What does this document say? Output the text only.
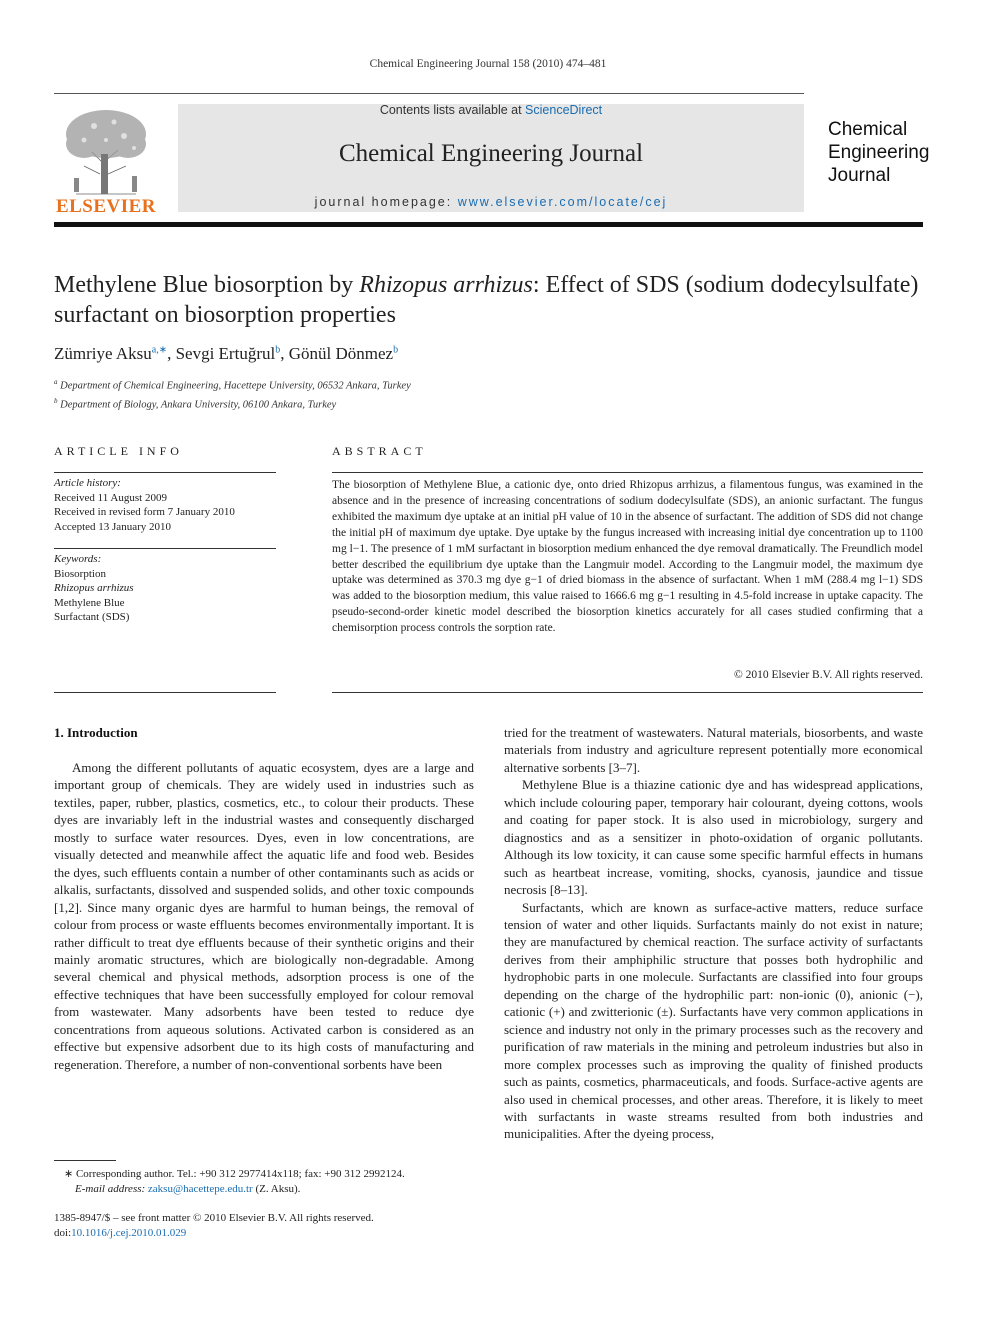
Chemical Engineering Journal 158 (2010) 474–481
ELSEVIER
Contents lists available at ScienceDirect
Chemical Engineering Journal
journal homepage: www.elsevier.com/locate/cej
Chemical
Engineering
Journal
Methylene Blue biosorption by Rhizopus arrhizus: Effect of SDS (sodium dodecylsulfate) surfactant on biosorption properties
Zümriye Aksu$^{a,∗}$, Sevgi Ertuğrul$^b$, Gönül Dönmez$^b$
$^a$ Department of Chemical Engineering, Hacettepe University, 06532 Ankara, Turkey
$^b$ Department of Biology, Ankara University, 06100 Ankara, Turkey
ARTICLE INFO
Article history:
Received 11 August 2009
Received in revised form 7 January 2010
Accepted 13 January 2010
Keywords:
Biosorption
Rhizopus arrhizus
Methylene Blue
Surfactant (SDS)
ABSTRACT
The biosorption of Methylene Blue, a cationic dye, onto dried Rhizopus arrhizus, a filamentous fungus, was examined in the absence and in the presence of increasing concentrations of sodium dodecylsulfate (SDS), an anionic surfactant. The fungus exhibited the maximum dye uptake at an initial pH value of 10 in the absence of surfactant. The addition of SDS did not change the initial pH of maximum dye uptake. Dye uptake by the fungus increased with increasing initial dye concentration up to 1100 mg l−1. The presence of 1 mM surfactant in biosorption medium enhanced the dye removal dramatically. The Freundlich model better described the equilibrium dye uptake than the Langmuir model. According to the Langmuir model, the maximum dye uptake was determined as 370.3 mg dye g−1 of dried biomass in the absence of surfactant. When 1 mM (288.4 mg l−1) SDS was added to the biosorption medium, this value raised to 1666.6 mg g−1 resulting in 4.5-fold increase in uptake capacity. The pseudo-second-order kinetic model described the biosorption kinetics accurately for all cases studied confirming that a chemisorption process controls the sorption rate.
© 2010 Elsevier B.V. All rights reserved.
1. Introduction

Among the different pollutants of aquatic ecosystem, dyes are a large and important group of chemicals. They are widely used in industries such as textiles, paper, rubber, plastics, cosmetics, etc., to colour their products. These dyes are invariably left in the industrial wastes and consequently discharged mostly to surface water resources. Dyes, even in low concentrations, are visually detected and meanwhile affect the aquatic life and food web. Besides the dyes, such effluents contain a number of other contaminants such as acids or alkalis, surfactants, dissolved and suspended solids, and other toxic compounds [1,2]. Since many organic dyes are harmful to human beings, the removal of colour from process or waste effluents becomes environmentally important. It is rather difficult to treat dye effluents because of their synthetic origins and their mainly aromatic structures, which are biologically non-degradable. Among several chemical and physical methods, adsorption process is one of the effective techniques that have been successfully employed for colour removal from wastewater. Many adsorbents have been tested to reduce dye concentrations from aqueous solutions. Activated carbon is considered as an effective but expensive adsorbent due to its high costs of manufacturing and regeneration. Therefore, a number of non-conventional sorbents have been

tried for the treatment of wastewaters. Natural materials, biosorbents, and waste materials from industry and agriculture represent potentially more economical alternative sorbents [3–7].

Methylene Blue is a thiazine cationic dye and has widespread applications, which include colouring paper, temporary hair colourant, dyeing cottons, wools and coating for paper stock. It is also used in microbiology, surgery and diagnostics and as a sensitizer in photo-oxidation of organic pollutants. Although its low toxicity, it can cause some specific harmful effects in humans such as heartbeat increase, vomiting, shocks, cyanosis, jaundice and tissue necrosis [8–13].

Surfactants, which are known as surface-active matters, reduce surface tension of water and other liquids. Surfactants mainly do not exist in nature; they are manufactured by chemical reaction. The surface activity of surfactants derives from their amphiphilic structure that posses both hydrophilic and hydrophobic parts in one molecule. Surfactants are classified into four groups depending on the charge of the hydrophilic part: non-ionic (0), anionic (−), cationic (+) and zwitterionic (±). Surfactants have very common applications in science and industry not only in the primary processes such as the recovery and purification of raw materials in the mining and petroleum industries but also in more complex processes such as improving the quality of finished products such as paints, cosmetics, pharmaceuticals, and foods. Surface-active agents are also used in chemical processes, and other areas. Therefore, it is likely to meet with surfactants in waste streams resulted from both industries and municipalities. After the dyeing process,

∗ Corresponding author. Tel.: +90 312 2977414x118; fax: +90 312 2992124.
E-mail address: zaksu@hacettepe.edu.tr (Z. Aksu).
1385-8947/$ – see front matter © 2010 Elsevier B.V. All rights reserved.
doi:10.1016/j.cej.2010.01.029
